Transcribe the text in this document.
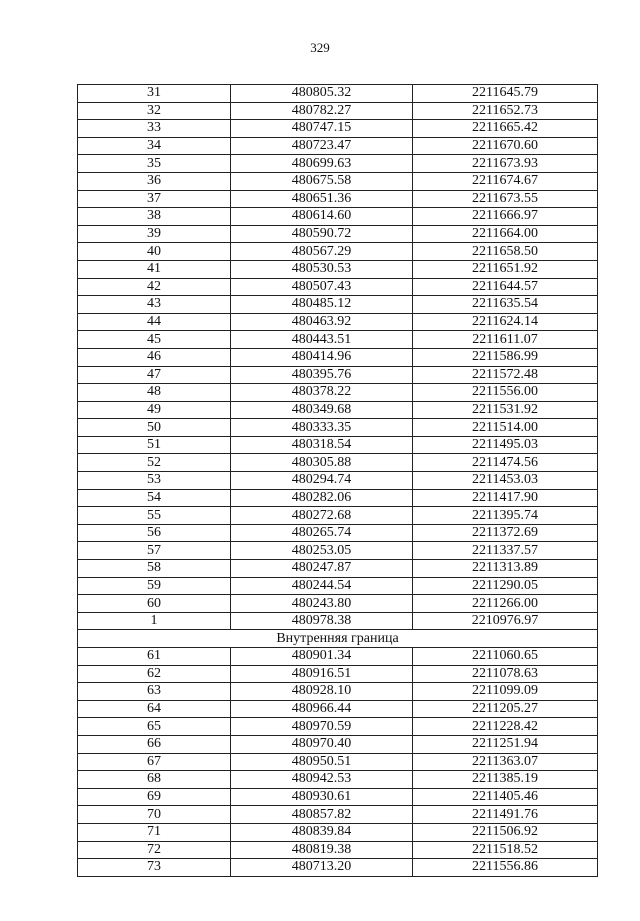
329
31	480805.32	2211645.79
32	480782.27	2211652.73
33	480747.15	2211665.42
34	480723.47	2211670.60
35	480699.63	2211673.93
36	480675.58	2211674.67
37	480651.36	2211673.55
38	480614.60	2211666.97
39	480590.72	2211664.00
40	480567.29	2211658.50
41	480530.53	2211651.92
42	480507.43	2211644.57
43	480485.12	2211635.54
44	480463.92	2211624.14
45	480443.51	2211611.07
46	480414.96	2211586.99
47	480395.76	2211572.48
48	480378.22	2211556.00
49	480349.68	2211531.92
50	480333.35	2211514.00
51	480318.54	2211495.03
52	480305.88	2211474.56
53	480294.74	2211453.03
54	480282.06	2211417.90
55	480272.68	2211395.74
56	480265.74	2211372.69
57	480253.05	2211337.57
58	480247.87	2211313.89
59	480244.54	2211290.05
60	480243.80	2211266.00
1	480978.38	2210976.97
Внутренняя граница		
61	480901.34	2211060.65
62	480916.51	2211078.63
63	480928.10	2211099.09
64	480966.44	2211205.27
65	480970.59	2211228.42
66	480970.40	2211251.94
67	480950.51	2211363.07
68	480942.53	2211385.19
69	480930.61	2211405.46
70	480857.82	2211491.76
71	480839.84	2211506.92
72	480819.38	2211518.52
73	480713.20	2211556.86
